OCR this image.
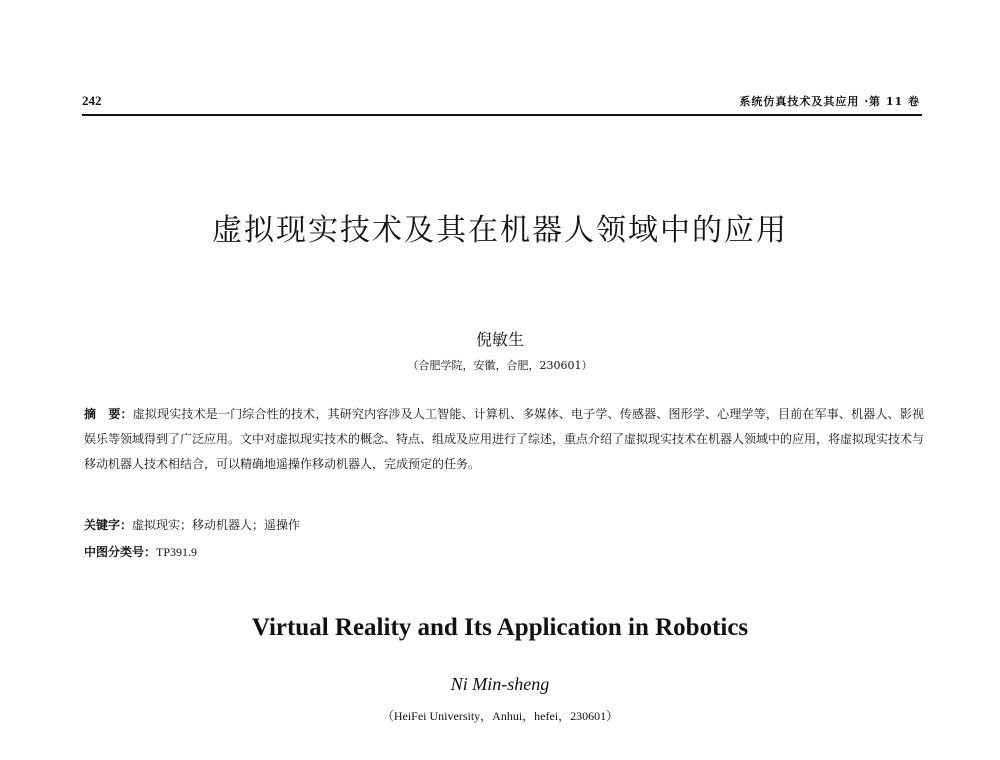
242	系统仿真技术及其应用 ·第 11 卷
虚拟现实技术及其在机器人领域中的应用
倪敏生
（合肥学院，安徽，合肥，230601）
摘　要：虚拟现实技术是一门综合性的技术，其研究内容涉及人工智能、计算机、多媒体、电子学、传感器、图形学、心理学等，目前在军事、机器人、影视娱乐等领域得到了广泛应用。文中对虚拟现实技术的概念、特点、组成及应用进行了综述，重点介绍了虚拟现实技术在机器人领域中的应用，将虚拟现实技术与移动机器人技术相结合，可以精确地遥操作移动机器人，完成预定的任务。
关键字：虚拟现实；移动机器人；遥操作
中图分类号：TP391.9
Virtual Reality and Its Application in Robotics
Ni Min-sheng
（HeiFei University，Anhui，hefei，230601）
